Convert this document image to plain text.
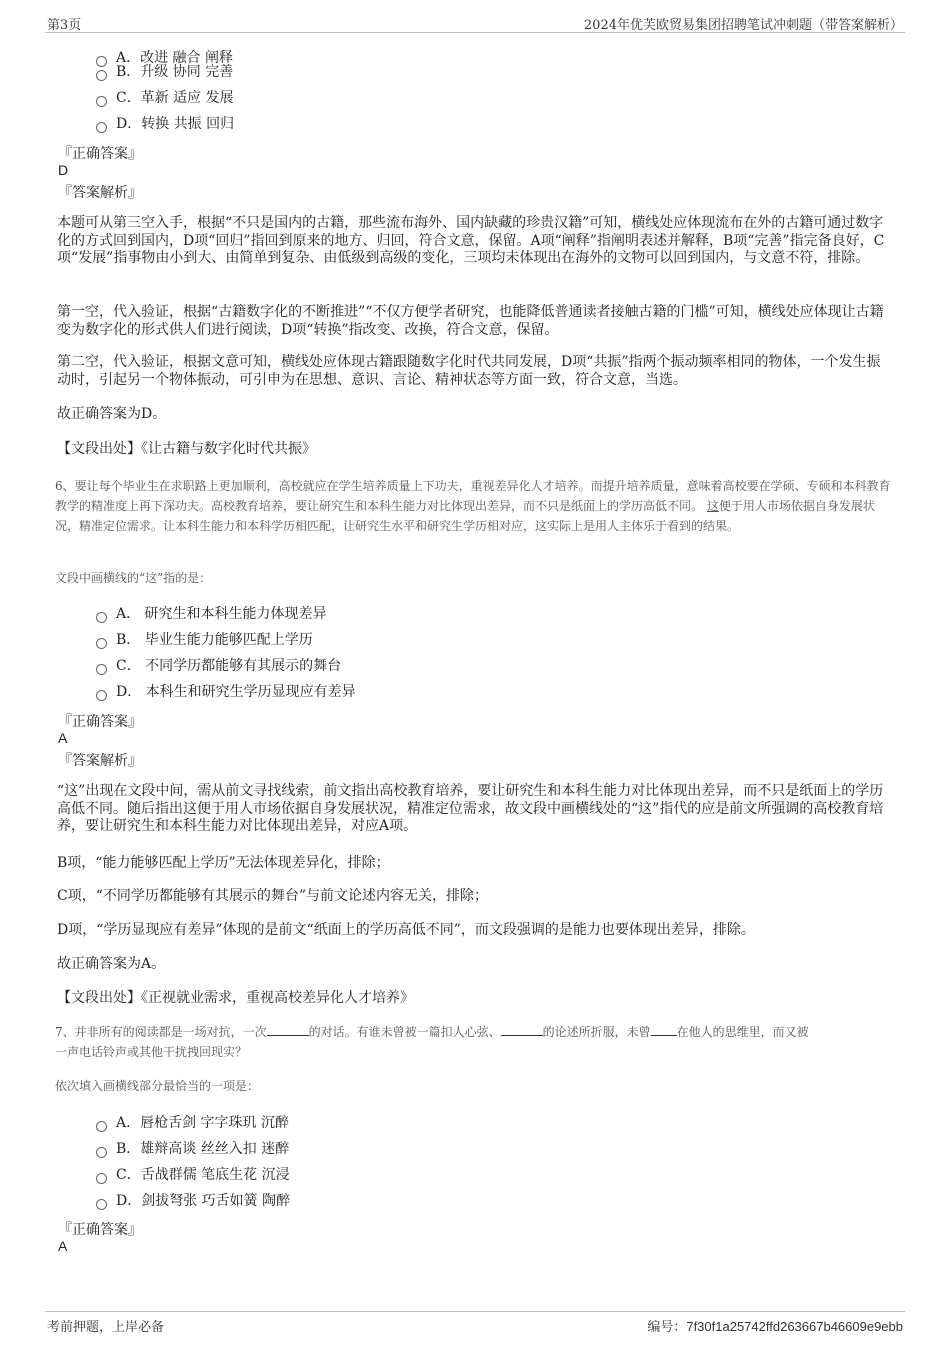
第3页	2024年优芙欧贸易集团招聘笔试冲刺题（带答案解析）
A．改进 融合 阐释
B．升级 协同 完善
C．革新 适应 发展
D．转换 共振 回归
『正确答案』
D
『答案解析』
本题可从第三空入手，根据“不只是国内的古籍，那些流布海外、国内缺藏的珍贵汉籍”可知，横线处应体现流布在外的古籍可通过数字化的方式回到国内，D项“回归”指回到原来的地方、归回，符合文意，保留。A项“阐释”指阐明表述并解释，B项“完善”指完备良好，C项“发展”指事物由小到大、由简单到复杂、由低级到高级的变化，三项均未体现出在海外的文物可以回到国内，与文意不符，排除。
第一空，代入验证，根据“古籍数字化的不断推进”“不仅方便学者研究，也能降低普通读者接触古籍的门槛”可知，横线处应体现让古籍变为数字化的形式供人们进行阅读，D项“转换”指改变、改换，符合文意，保留。
第二空，代入验证，根据文意可知，横线处应体现古籍跟随数字化时代共同发展，D项“共振”指两个振动频率相同的物体，一个发生振动时，引起另一个物体振动，可引申为在思想、意识、言论、精神状态等方面一致，符合文意，当选。
故正确答案为D。
【文段出处】《让古籍与数字化时代共振》
6、要让每个毕业生在求职路上更加顺利，高校就应在学生培养质量上下功夫，重视差异化人才培养。而提升培养质量，意味着高校要在学硕、专硕和本科教育教学的精准度上再下深功夫。高校教育培养，要让研究生和本科生能力对比体现出差异，而不只是纸面上的学历高低不同。 这便于用人市场依据自身发展状况，精准定位需求。让本科生能力和本科学历相匹配，让研究生水平和研究生学历相对应，这实际上是用人主体乐于看到的结果。
文段中画横线的“这”指的是：
A． 研究生和本科生能力体现差异
B． 毕业生能力能够匹配上学历
C． 不同学历都能够有其展示的舞台
D． 本科生和研究生学历显现应有差异
『正确答案』
A
『答案解析』
“这”出现在文段中间，需从前文寻找线索，前文指出高校教育培养，要让研究生和本科生能力对比体现出差异，而不只是纸面上的学历高低不同。随后指出这便于用人市场依据自身发展状况，精准定位需求，故文段中画横线处的“这”指代的应是前文所强调的高校教育培养，要让研究生和本科生能力对比体现出差异，对应A项。
B项，“能力能够匹配上学历”无法体现差异化，排除；
C项，“不同学历都能够有其展示的舞台”与前文论述内容无关，排除；
D项，“学历显现应有差异”体现的是前文“纸面上的学历高低不同”，而文段强调的是能力也要体现出差异，排除。
故正确答案为A。
【文段出处】《正视就业需求，重视高校差异化人才培养》
7、并非所有的阅读都是一场对抗，一次	的对话。有谁未曾被一篇扣人心弦、	的论述所折服，未曾 在他人的思维里，而又被
一声电话铃声或其他干扰拽回现实？
依次填入画横线部分最恰当的一项是：
A．唇枪舌剑 字字珠玑 沉醉
B．雄辩高谈 丝丝入扣 迷醉
C．舌战群儒 笔底生花 沉浸
D．剑拔弩张 巧舌如簧 陶醉
『正确答案』
A
考前押题，上岸必备	编号：7f30f1a25742ffd263667b46609e9ebb
